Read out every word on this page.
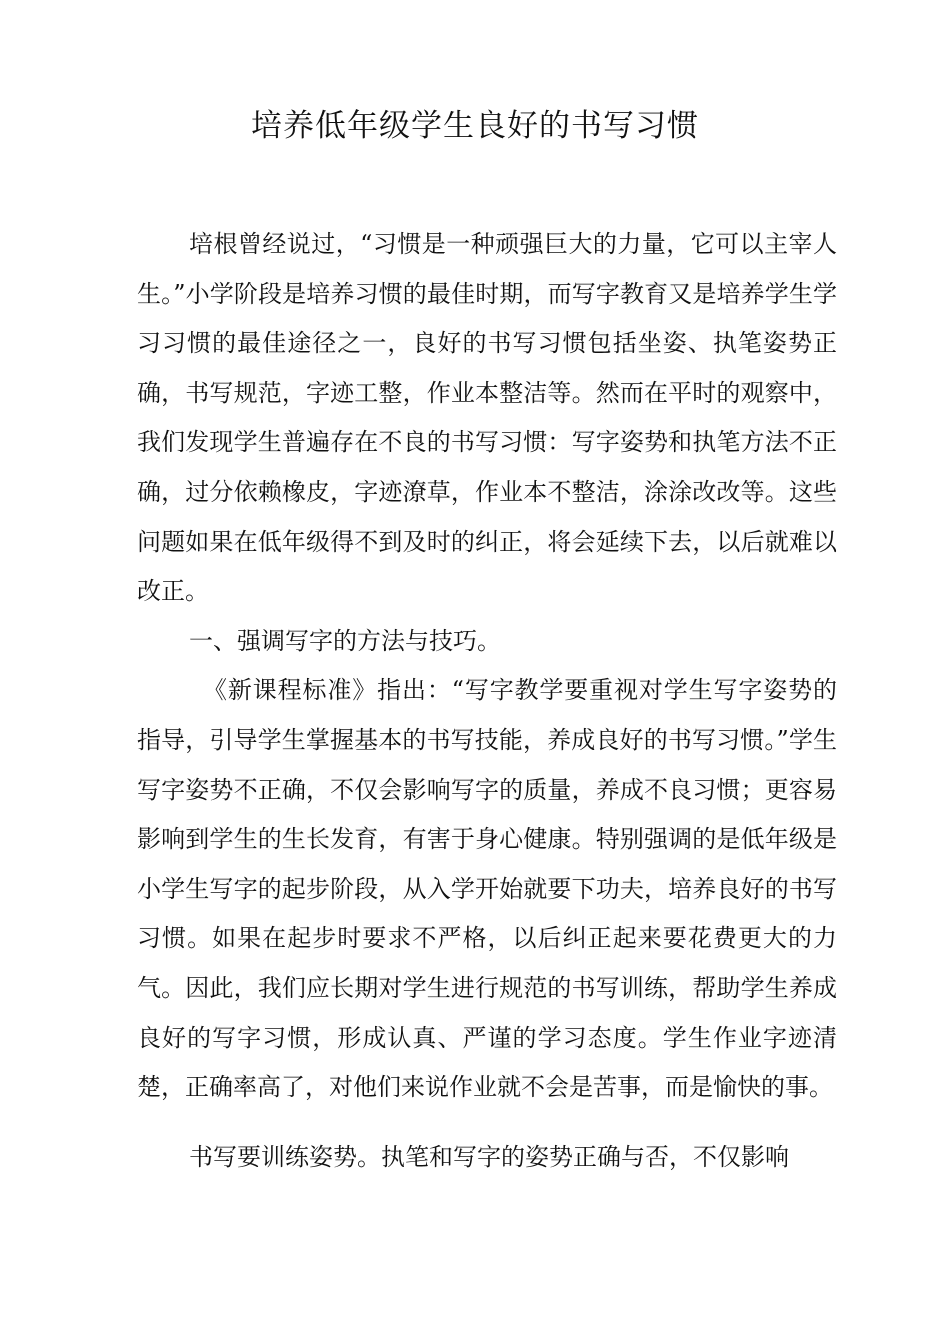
培养低年级学生良好的书写习惯

培根曾经说过，“习惯是一种顽强巨大的力量，它可以主宰人生。”小学阶段是培养习惯的最佳时期，而写字教育又是培养学生学习习惯的最佳途径之一，良好的书写习惯包括坐姿、执笔姿势正确，书写规范，字迹工整，作业本整洁等。然而在平时的观察中，我们发现学生普遍存在不良的书写习惯：写字姿势和执笔方法不正确，过分依赖橡皮，字迹潦草，作业本不整洁，涂涂改改等。这些问题如果在低年级得不到及时的纠正，将会延续下去，以后就难以改正。

一、强调写字的方法与技巧。

《新课程标准》指出：“写字教学要重视对学生写字姿势的指导，引导学生掌握基本的书写技能，养成良好的书写习惯。”学生写字姿势不正确，不仅会影响写字的质量，养成不良习惯；更容易影响到学生的生长发育，有害于身心健康。特别强调的是低年级是小学生写字的起步阶段，从入学开始就要下功夫，培养良好的书写习惯。如果在起步时要求不严格，以后纠正起来要花费更大的力气。因此，我们应长期对学生进行规范的书写训练，帮助学生养成良好的写字习惯，形成认真、严谨的学习态度。学生作业字迹清楚，正确率高了，对他们来说作业就不会是苦事，而是愉快的事。

书写要训练姿势。执笔和写字的姿势正确与否，不仅影响
